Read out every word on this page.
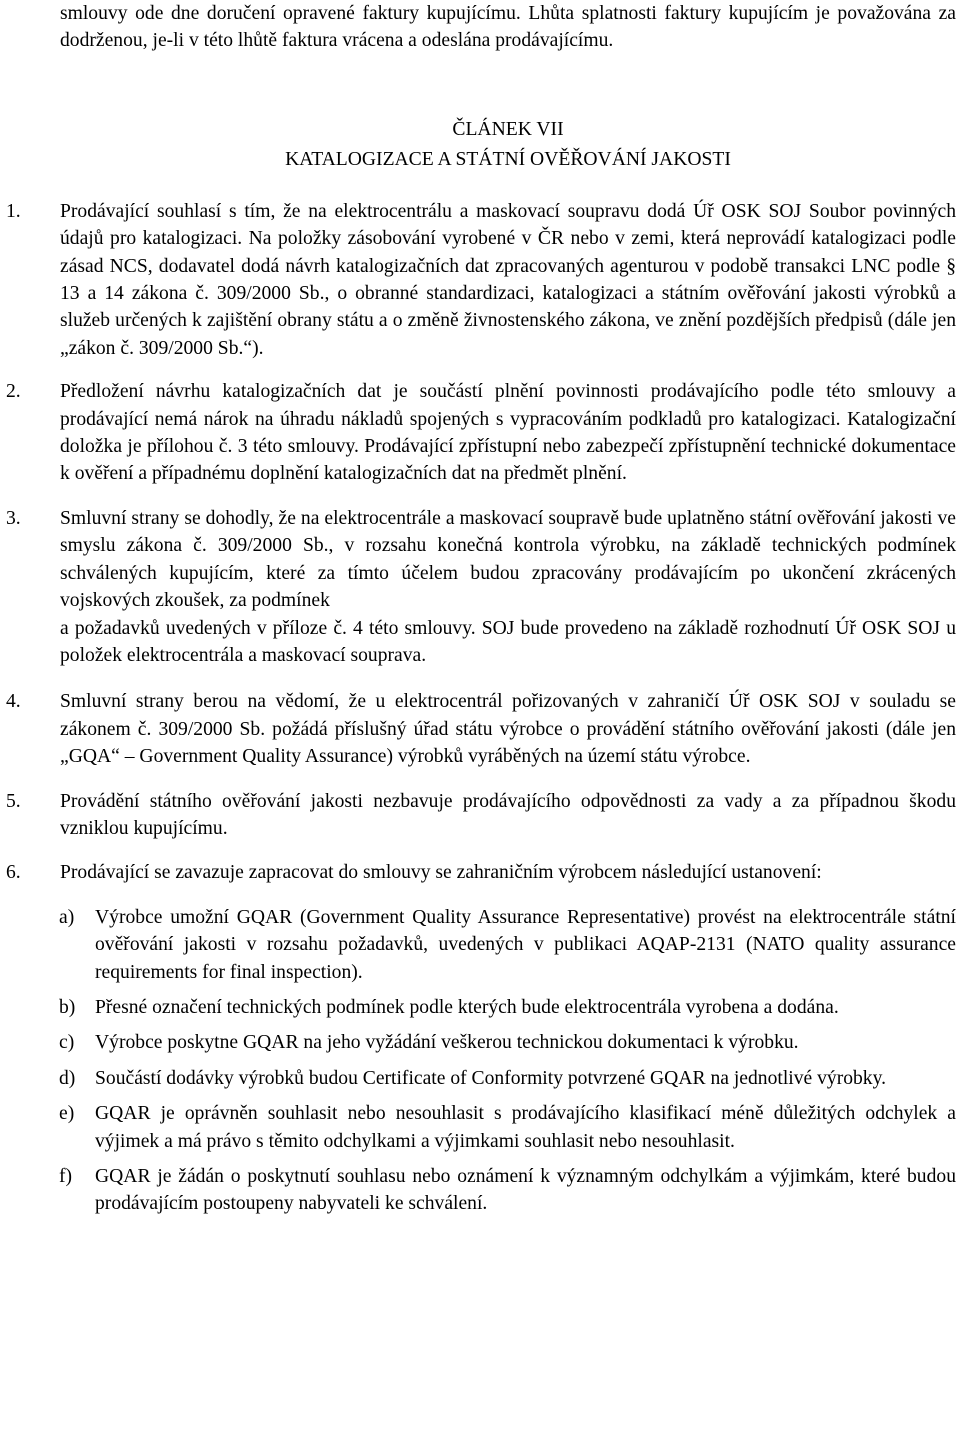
smlouvy ode dne doručení opravené faktury kupujícímu. Lhůta splatnosti faktury kupujícím je považována za dodrženou, je-li v této lhůtě faktura vrácena a odeslána prodávajícímu.

ČLÁNEK VII
KATALOGIZACE A STÁTNÍ OVĚŘOVÁNÍ JAKOSTI
1. Prodávající souhlasí s tím, že na elektrocentrálu a maskovací soupravu dodá Úř OSK SOJ Soubor povinných údajů pro katalogizaci. Na položky zásobování vyrobené v ČR nebo v zemi, která neprovádí katalogizaci podle zásad NCS, dodavatel dodá návrh katalogizačních dat zpracovaných agenturou v podobě transakci LNC podle § 13 a 14 zákona č. 309/2000 Sb., o obranné standardizaci, katalogizaci a státním ověřování jakosti výrobků a služeb určených k zajištění obrany státu a o změně živnostenského zákona, ve znění pozdějších předpisů (dále jen „zákon č. 309/2000 Sb.“).
2. Předložení návrhu katalogizačních dat je součástí plnění povinnosti prodávajícího podle této smlouvy a prodávající nemá nárok na úhradu nákladů spojených s vypracováním podkladů pro katalogizaci. Katalogizační doložka je přílohou č. 3 této smlouvy. Prodávající zpřístupní nebo zabezpečí zpřístupnění technické dokumentace k ověření a případnému doplnění katalogizačních dat na předmět plnění.
3. Smluvní strany se dohodly, že na elektrocentrále a maskovací soupravě bude uplatněno státní ověřování jakosti ve smyslu zákona č. 309/2000 Sb., v rozsahu konečná kontrola výrobku, na základě technických podmínek schválených kupujícím, které za tímto účelem budou zpracovány prodávajícím po ukončení zkrácených vojskových zkoušek, za podmínek
a požadavků uvedených v příloze č. 4 této smlouvy. SOJ bude provedeno na základě rozhodnutí Úř OSK SOJ u položek elektrocentrála a maskovací souprava.
4. Smluvní strany berou na vědomí, že u elektrocentrál pořizovaných v zahraničí Úř OSK SOJ v souladu se zákonem č. 309/2000 Sb. požádá příslušný úřad státu výrobce o provádění státního ověřování jakosti (dále jen „GQA“ – Government Quality Assurance) výrobků vyráběných na území státu výrobce.
5. Provádění státního ověřování jakosti nezbavuje prodávajícího odpovědnosti za vady a za případnou škodu vzniklou kupujícímu.
6. Prodávající se zavazuje zapracovat do smlouvy se zahraničním výrobcem následující ustanovení:
a) Výrobce umožní GQAR (Government Quality Assurance Representative) provést na elektrocentrále státní ověřování jakosti v rozsahu požadavků, uvedených v publikaci AQAP-2131 (NATO quality assurance requirements for final inspection).
b) Přesné označení technických podmínek podle kterých bude elektrocentrála vyrobena a dodána.
c) Výrobce poskytne GQAR na jeho vyžádání veškerou technickou dokumentaci k výrobku.
d) Součástí dodávky výrobků budou Certificate of Conformity potvrzené GQAR na jednotlivé výrobky.
e) GQAR je oprávněn souhlasit nebo nesouhlasit s prodávajícího klasifikací méně důležitých odchylek a výjimek a má právo s těmito odchylkami a výjimkami souhlasit nebo nesouhlasit.
f) GQAR je žádán o poskytnutí souhlasu nebo oznámení k významným odchylkám a výjimkám, které budou prodávajícím postoupeny nabyvateli ke schválení.
